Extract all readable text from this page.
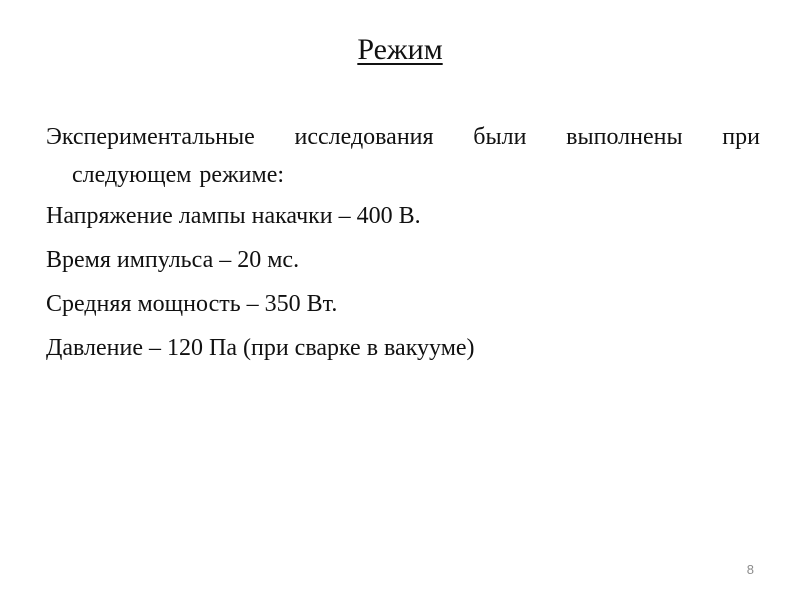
Режим

Экспериментальные исследования были выполнены при следующем режиме:

Напряжение лампы накачки – 400 В.

Время импульса – 20 мс.

Средняя мощность – 350 Вт.

Давление – 120 Па (при сварке в вакууме)

8
